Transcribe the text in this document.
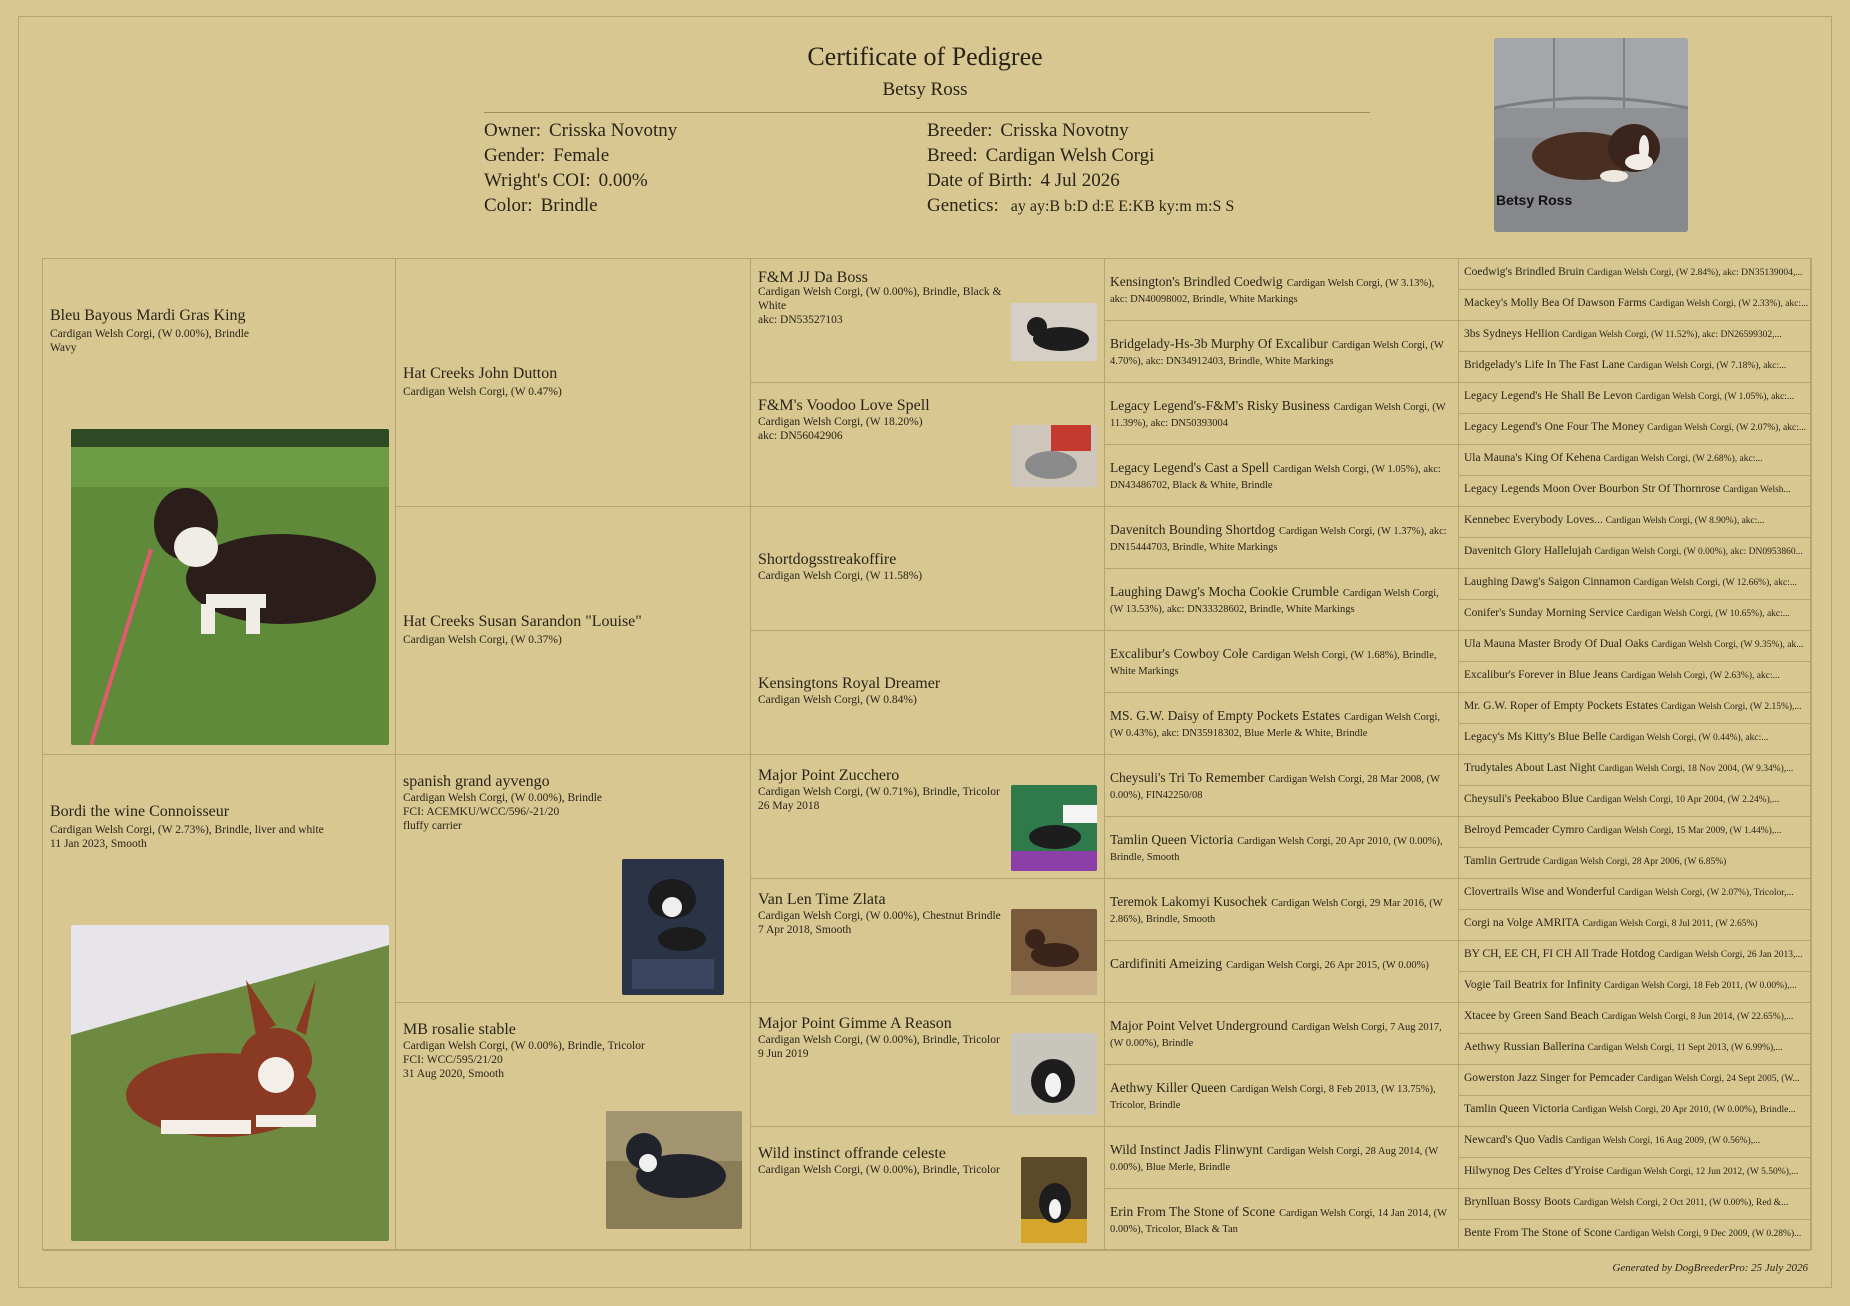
Certificate of Pedigree
Betsy Ross
Owner: Crisska Novotny
Gender: Female
Wright's COI: 0.00%
Color: Brindle
Breeder: Crisska Novotny
Breed: Cardigan Welsh Corgi
Date of Birth: 4 Jul 2026
Genetics: ay ay:B b:D d:E E:KB ky:m m:S S	Betsy Ross
Bleu Bayous Mardi Gras King
Cardigan Welsh Corgi, (W 0.00%), Brindle
Wavy
Bordi the wine Connoisseur
Cardigan Welsh Corgi, (W 2.73%), Brindle, liver and white
11 Jan 2023, Smooth
Hat Creeks John Dutton
Cardigan Welsh Corgi, (W 0.47%)
Hat Creeks Susan Sarandon "Louise"
Cardigan Welsh Corgi, (W 0.37%)
spanish grand ayvengo
Cardigan Welsh Corgi, (W 0.00%), Brindle
FCI: ACEMKU/WCC/596/-21/20
fluffy carrier
MB rosalie stable
Cardigan Welsh Corgi, (W 0.00%), Brindle, Tricolor
FCI: WCC/595/21/20
31 Aug 2020, Smooth
F&M JJ Da Boss
Cardigan Welsh Corgi, (W 0.00%), Brindle, Black &
White
akc: DN53527103
F&M's Voodoo Love Spell
Cardigan Welsh Corgi, (W 18.20%)
akc: DN56042906
Shortdogsstreakoffire
Cardigan Welsh Corgi, (W 11.58%)
Kensingtons Royal Dreamer
Cardigan Welsh Corgi, (W 0.84%)
Major Point Zucchero
Cardigan Welsh Corgi, (W 0.71%), Brindle, Tricolor
26 May 2018
Van Len Time Zlata
Cardigan Welsh Corgi, (W 0.00%), Chestnut Brindle
7 Apr 2018, Smooth
Major Point Gimme A Reason
Cardigan Welsh Corgi, (W 0.00%), Brindle, Tricolor
9 Jun 2019
Wild instinct offrande celeste
Cardigan Welsh Corgi, (W 0.00%), Brindle, Tricolor
Kensington's Brindled Coedwig Cardigan Welsh Corgi, (W 3.13%), akc: DN40098002, Brindle, White Markings
Bridgelady-Hs-3b Murphy Of Excalibur Cardigan Welsh Corgi, (W 4.70%), akc: DN34912403, Brindle, White Markings
Legacy Legend's-F&M's Risky Business Cardigan Welsh Corgi, (W 11.39%), akc: DN50393004
Legacy Legend's Cast a Spell Cardigan Welsh Corgi, (W 1.05%), akc: DN43486702, Black & White, Brindle
Davenitch Bounding Shortdog Cardigan Welsh Corgi, (W 1.37%), akc: DN15444703, Brindle, White Markings
Laughing Dawg's Mocha Cookie Crumble Cardigan Welsh Corgi, (W 13.53%), akc: DN33328602, Brindle, White Markings
Excalibur's Cowboy Cole Cardigan Welsh Corgi, (W 1.68%), Brindle, White Markings
MS. G.W. Daisy of Empty Pockets Estates Cardigan Welsh Corgi, (W 0.43%), akc: DN35918302, Blue Merle & White, Brindle
Cheysuli's Tri To Remember Cardigan Welsh Corgi, 28 Mar 2008, (W 0.00%), FIN42250/08
Tamlin Queen Victoria Cardigan Welsh Corgi, 20 Apr 2010, (W 0.00%), Brindle, Smooth
Teremok Lakomyi Kusochek Cardigan Welsh Corgi, 29 Mar 2016, (W 2.86%), Brindle, Smooth
Cardifiniti Ameizing Cardigan Welsh Corgi, 26 Apr 2015, (W 0.00%)
Major Point Velvet Underground Cardigan Welsh Corgi, 7 Aug 2017, (W 0.00%), Brindle
Aethwy Killer Queen Cardigan Welsh Corgi, 8 Feb 2013, (W 13.75%), Tricolor, Brindle
Wild Instinct Jadis Flinwynt Cardigan Welsh Corgi, 28 Aug 2014, (W 0.00%), Blue Merle, Brindle
Erin From The Stone of Scone Cardigan Welsh Corgi, 14 Jan 2014, (W 0.00%), Tricolor, Black & Tan
Coedwig's Brindled Bruin Cardigan Welsh Corgi, (W 2.84%), akc: DN35139004,...
Mackey's Molly Bea Of Dawson Farms Cardigan Welsh Corgi, (W 2.33%), akc:...
3bs Sydneys Hellion Cardigan Welsh Corgi, (W 11.52%), akc: DN26599302,...
Bridgelady's Life In The Fast Lane Cardigan Welsh Corgi, (W 7.18%), akc:...
Legacy Legend's He Shall Be Levon Cardigan Welsh Corgi, (W 1.05%), akc:...
Legacy Legend's One Four The Money Cardigan Welsh Corgi, (W 2.07%), akc:...
Ula Mauna's King Of Kehena Cardigan Welsh Corgi, (W 2.68%), akc:...
Legacy Legends Moon Over Bourbon Str Of Thornrose Cardigan Welsh...
Kennebec Everybody Loves... Cardigan Welsh Corgi, (W 8.90%), akc:...
Davenitch Glory Hallelujah Cardigan Welsh Corgi, (W 0.00%), akc: DN0953860...
Laughing Dawg's Saigon Cinnamon Cardigan Welsh Corgi, (W 12.66%), akc:...
Conifer's Sunday Morning Service Cardigan Welsh Corgi, (W 10.65%), akc:...
Ula Mauna Master Brody Of Dual Oaks Cardigan Welsh Corgi, (W 9.35%), ak...
Excalibur's Forever in Blue Jeans Cardigan Welsh Corgi, (W 2.63%), akc:...
Mr. G.W. Roper of Empty Pockets Estates Cardigan Welsh Corgi, (W 2.15%),...
Legacy's Ms Kitty's Blue Belle Cardigan Welsh Corgi, (W 0.44%), akc:...
Trudytales About Last Night Cardigan Welsh Corgi, 18 Nov 2004, (W 9.34%),...
Cheysuli's Peekaboo Blue Cardigan Welsh Corgi, 10 Apr 2004, (W 2.24%),...
Belroyd Pemcader Cymro Cardigan Welsh Corgi, 15 Mar 2009, (W 1.44%),...
Tamlin Gertrude Cardigan Welsh Corgi, 28 Apr 2006, (W 6.85%)
Clovertrails Wise and Wonderful Cardigan Welsh Corgi, (W 2.07%), Tricolor,...
Corgi na Volge AMRITA Cardigan Welsh Corgi, 8 Jul 2011, (W 2.65%)
BY CH, EE CH, FI CH All Trade Hotdog Cardigan Welsh Corgi, 26 Jan 2013,...
Vogie Tail Beatrix for Infinity Cardigan Welsh Corgi, 18 Feb 2011, (W 0.00%),...
Xtacee by Green Sand Beach Cardigan Welsh Corgi, 8 Jun 2014, (W 22.65%),...
Aethwy Russian Ballerina Cardigan Welsh Corgi, 11 Sept 2013, (W 6.99%),...
Gowerston Jazz Singer for Pemcader Cardigan Welsh Corgi, 24 Sept 2005, (W...
Tamlin Queen Victoria Cardigan Welsh Corgi, 20 Apr 2010, (W 0.00%), Brindle...
Newcard's Quo Vadis Cardigan Welsh Corgi, 16 Aug 2009, (W 0.56%),...
Hilwynog Des Celtes d'Yroise Cardigan Welsh Corgi, 12 Jun 2012, (W 5.50%),...
Brynlluan Bossy Boots Cardigan Welsh Corgi, 2 Oct 2011, (W 0.00%), Red &...
Bente From The Stone of Scone Cardigan Welsh Corgi, 9 Dec 2009, (W 0.28%)...
Generated by DogBreederPro: 25 July 2026
